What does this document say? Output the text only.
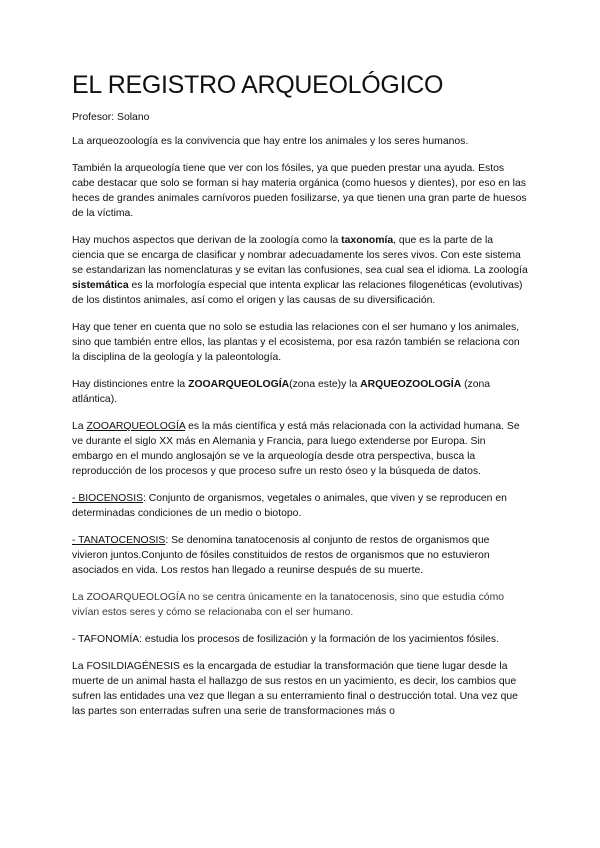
EL REGISTRO ARQUEOLÓGICO

Profesor: Solano

La arqueozoología es la convivencia que hay entre los animales y los seres humanos.

También la arqueología tiene que ver con los fósiles, ya que pueden prestar una ayuda. Estos cabe destacar que solo se forman si hay materia orgánica (como huesos y dientes), por eso en las heces de grandes animales carnívoros pueden fosilizarse, ya que tienen una gran parte de huesos de la víctima.

Hay muchos aspectos que derivan de la zoología como la taxonomía, que es la parte de la ciencia que se encarga de clasificar y nombrar adecuadamente los seres vivos. Con este sistema se estandarizan las nomenclaturas y se evitan las confusiones, sea cual sea el idioma. La zoología sistemática es la morfología especial que intenta explicar las relaciones filogenéticas (evolutivas) de los distintos animales, así como el origen y las causas de su diversificación.

Hay que tener en cuenta que no solo se estudia las relaciones con el ser humano y los animales, sino que también entre ellos, las plantas y el ecosistema, por esa razón también se relaciona con la disciplina de la geología y la paleontología.

Hay distinciones entre la ZOOARQUEOLOGÍA(zona este)y la ARQUEOZOOLOGÍA (zona atlántica).

La ZOOARQUEOLOGÍA es la más científica y está más relacionada con la actividad humana. Se ve durante el siglo XX más en Alemania y Francia, para luego extenderse por Europa. Sin embargo en el mundo anglosajón se ve la arqueología desde otra perspectiva, busca la reproducción de los procesos y que proceso sufre un resto óseo y la búsqueda de datos.

- BIOCENOSIS: Conjunto de organismos, vegetales o animales, que viven y se reproducen en determinadas condiciones de un medio o biotopo.

- TANATOCENOSIS: Se denomina tanatocenosis al conjunto de restos de organismos que vivieron juntos.Conjunto de fósiles constituidos de restos de organismos que no estuvieron asociados en vida. Los restos han llegado a reunirse después de su muerte.

La ZOOARQUEOLOGÍA no se centra únicamente en la tanatocenosis, sino que estudia cómo vivían estos seres y cómo se relacionaba con el ser humano.

- TAFONOMÍA: estudia los procesos de fosilización y la formación de los yacimientos fósiles.

La FOSILDIAGÉNESIS es la encargada de estudiar la transformación que tiene lugar desde la muerte de un animal hasta el hallazgo de sus restos en un yacimiento, es decir, los cambios que sufren las entidades una vez que llegan a su enterramiento final o destrucción total. Una vez que las partes son enterradas sufren una serie de transformaciones más o
